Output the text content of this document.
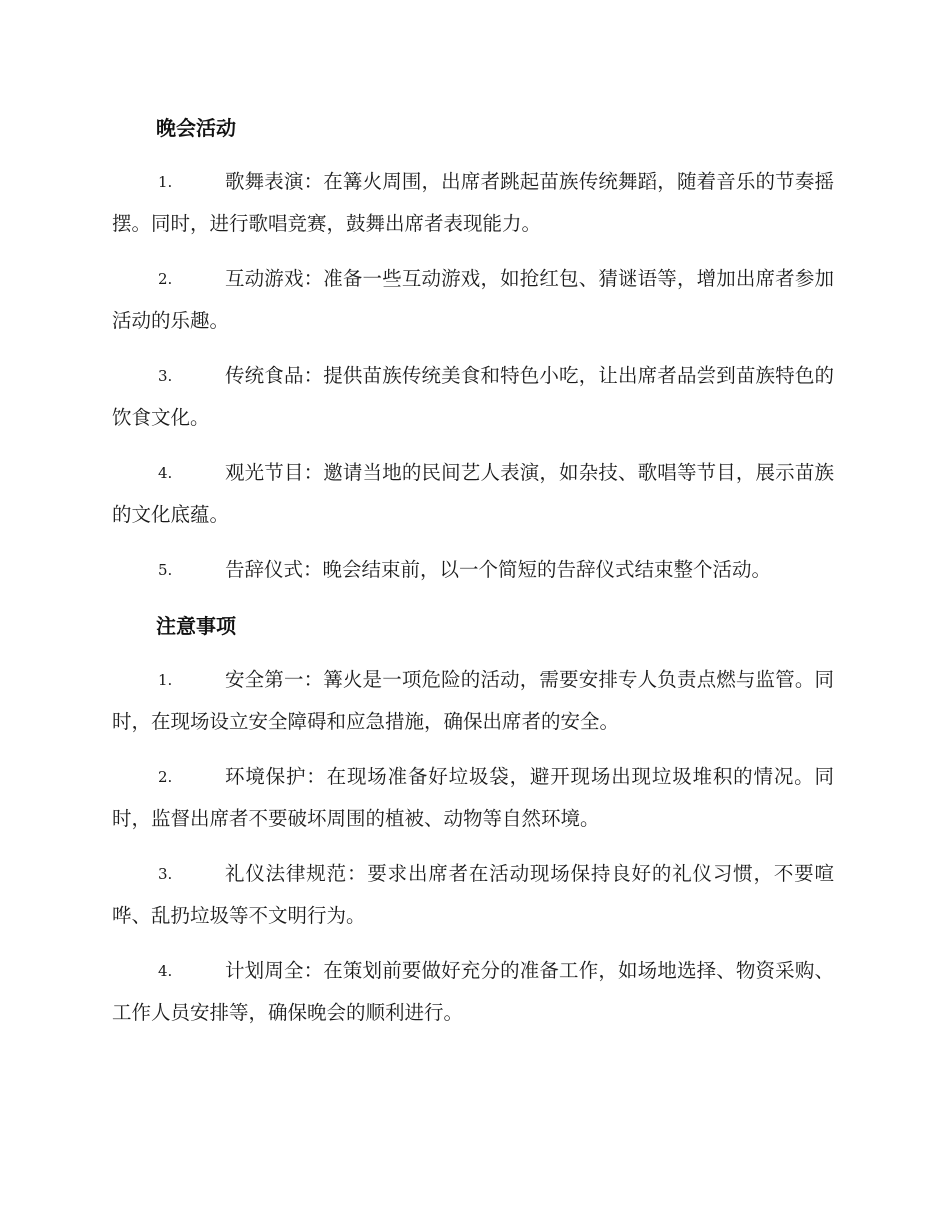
晚会活动
1.	歌舞表演：在篝火周围，出席者跳起苗族传统舞蹈，随着音乐的节奏摇摆。同时，进行歌唱竞赛，鼓舞出席者表现能力。
2.	互动游戏：准备一些互动游戏，如抢红包、猜谜语等，增加出席者参加活动的乐趣。
3.	传统食品：提供苗族传统美食和特色小吃，让出席者品尝到苗族特色的饮食文化。
4.	观光节目：邀请当地的民间艺人表演，如杂技、歌唱等节目，展示苗族的文化底蕴。
5.	告辞仪式：晚会结束前，以一个简短的告辞仪式结束整个活动。
注意事项
1.	安全第一：篝火是一项危险的活动，需要安排专人负责点燃与监管。同时，在现场设立安全障碍和应急措施，确保出席者的安全。
2.	环境保护：在现场准备好垃圾袋，避开现场出现垃圾堆积的情况。同时，监督出席者不要破坏周围的植被、动物等自然环境。
3.	礼仪法律规范：要求出席者在活动现场保持良好的礼仪习惯，不要喧哗、乱扔垃圾等不文明行为。
4.	计划周全：在策划前要做好充分的准备工作，如场地选择、物资采购、工作人员安排等，确保晚会的顺利进行。
